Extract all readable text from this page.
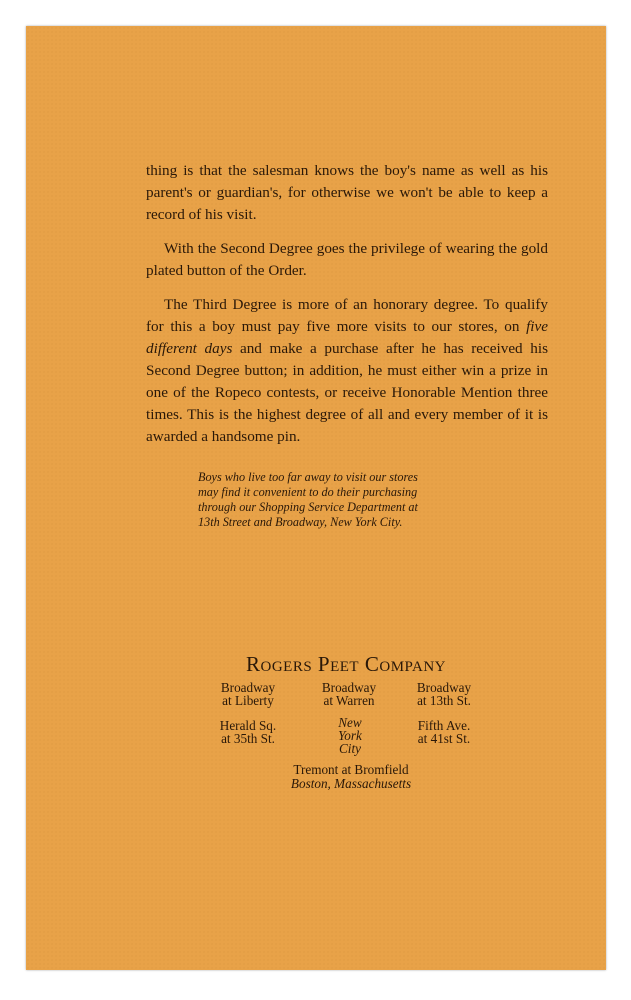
thing is that the salesman knows the boy's name as well as his parent's or guardian's, for otherwise we won't be able to keep a record of his visit.

With the Second Degree goes the privilege of wearing the gold plated button of the Order.

The Third Degree is more of an honorary degree. To qualify for this a boy must pay five more visits to our stores, on five different days and make a purchase after he has received his Second Degree button; in addition, he must either win a prize in one of the Ropeco contests, or receive Honorable Mention three times. This is the highest degree of all and every member of it is awarded a handsome pin.

Boys who live too far away to visit our stores
may find it convenient to do their purchasing
through our Shopping Service Department at
13th Street and Broadway, New York City.
Rogers Peet Company
Broadway
at Liberty
Broadway
at Warren
Broadway
at 13th St.
Herald Sq.
at 35th St.
New
York
City
Fifth Ave.
at 41st St.
Tremont at Bromfield
Boston, Massachusetts
